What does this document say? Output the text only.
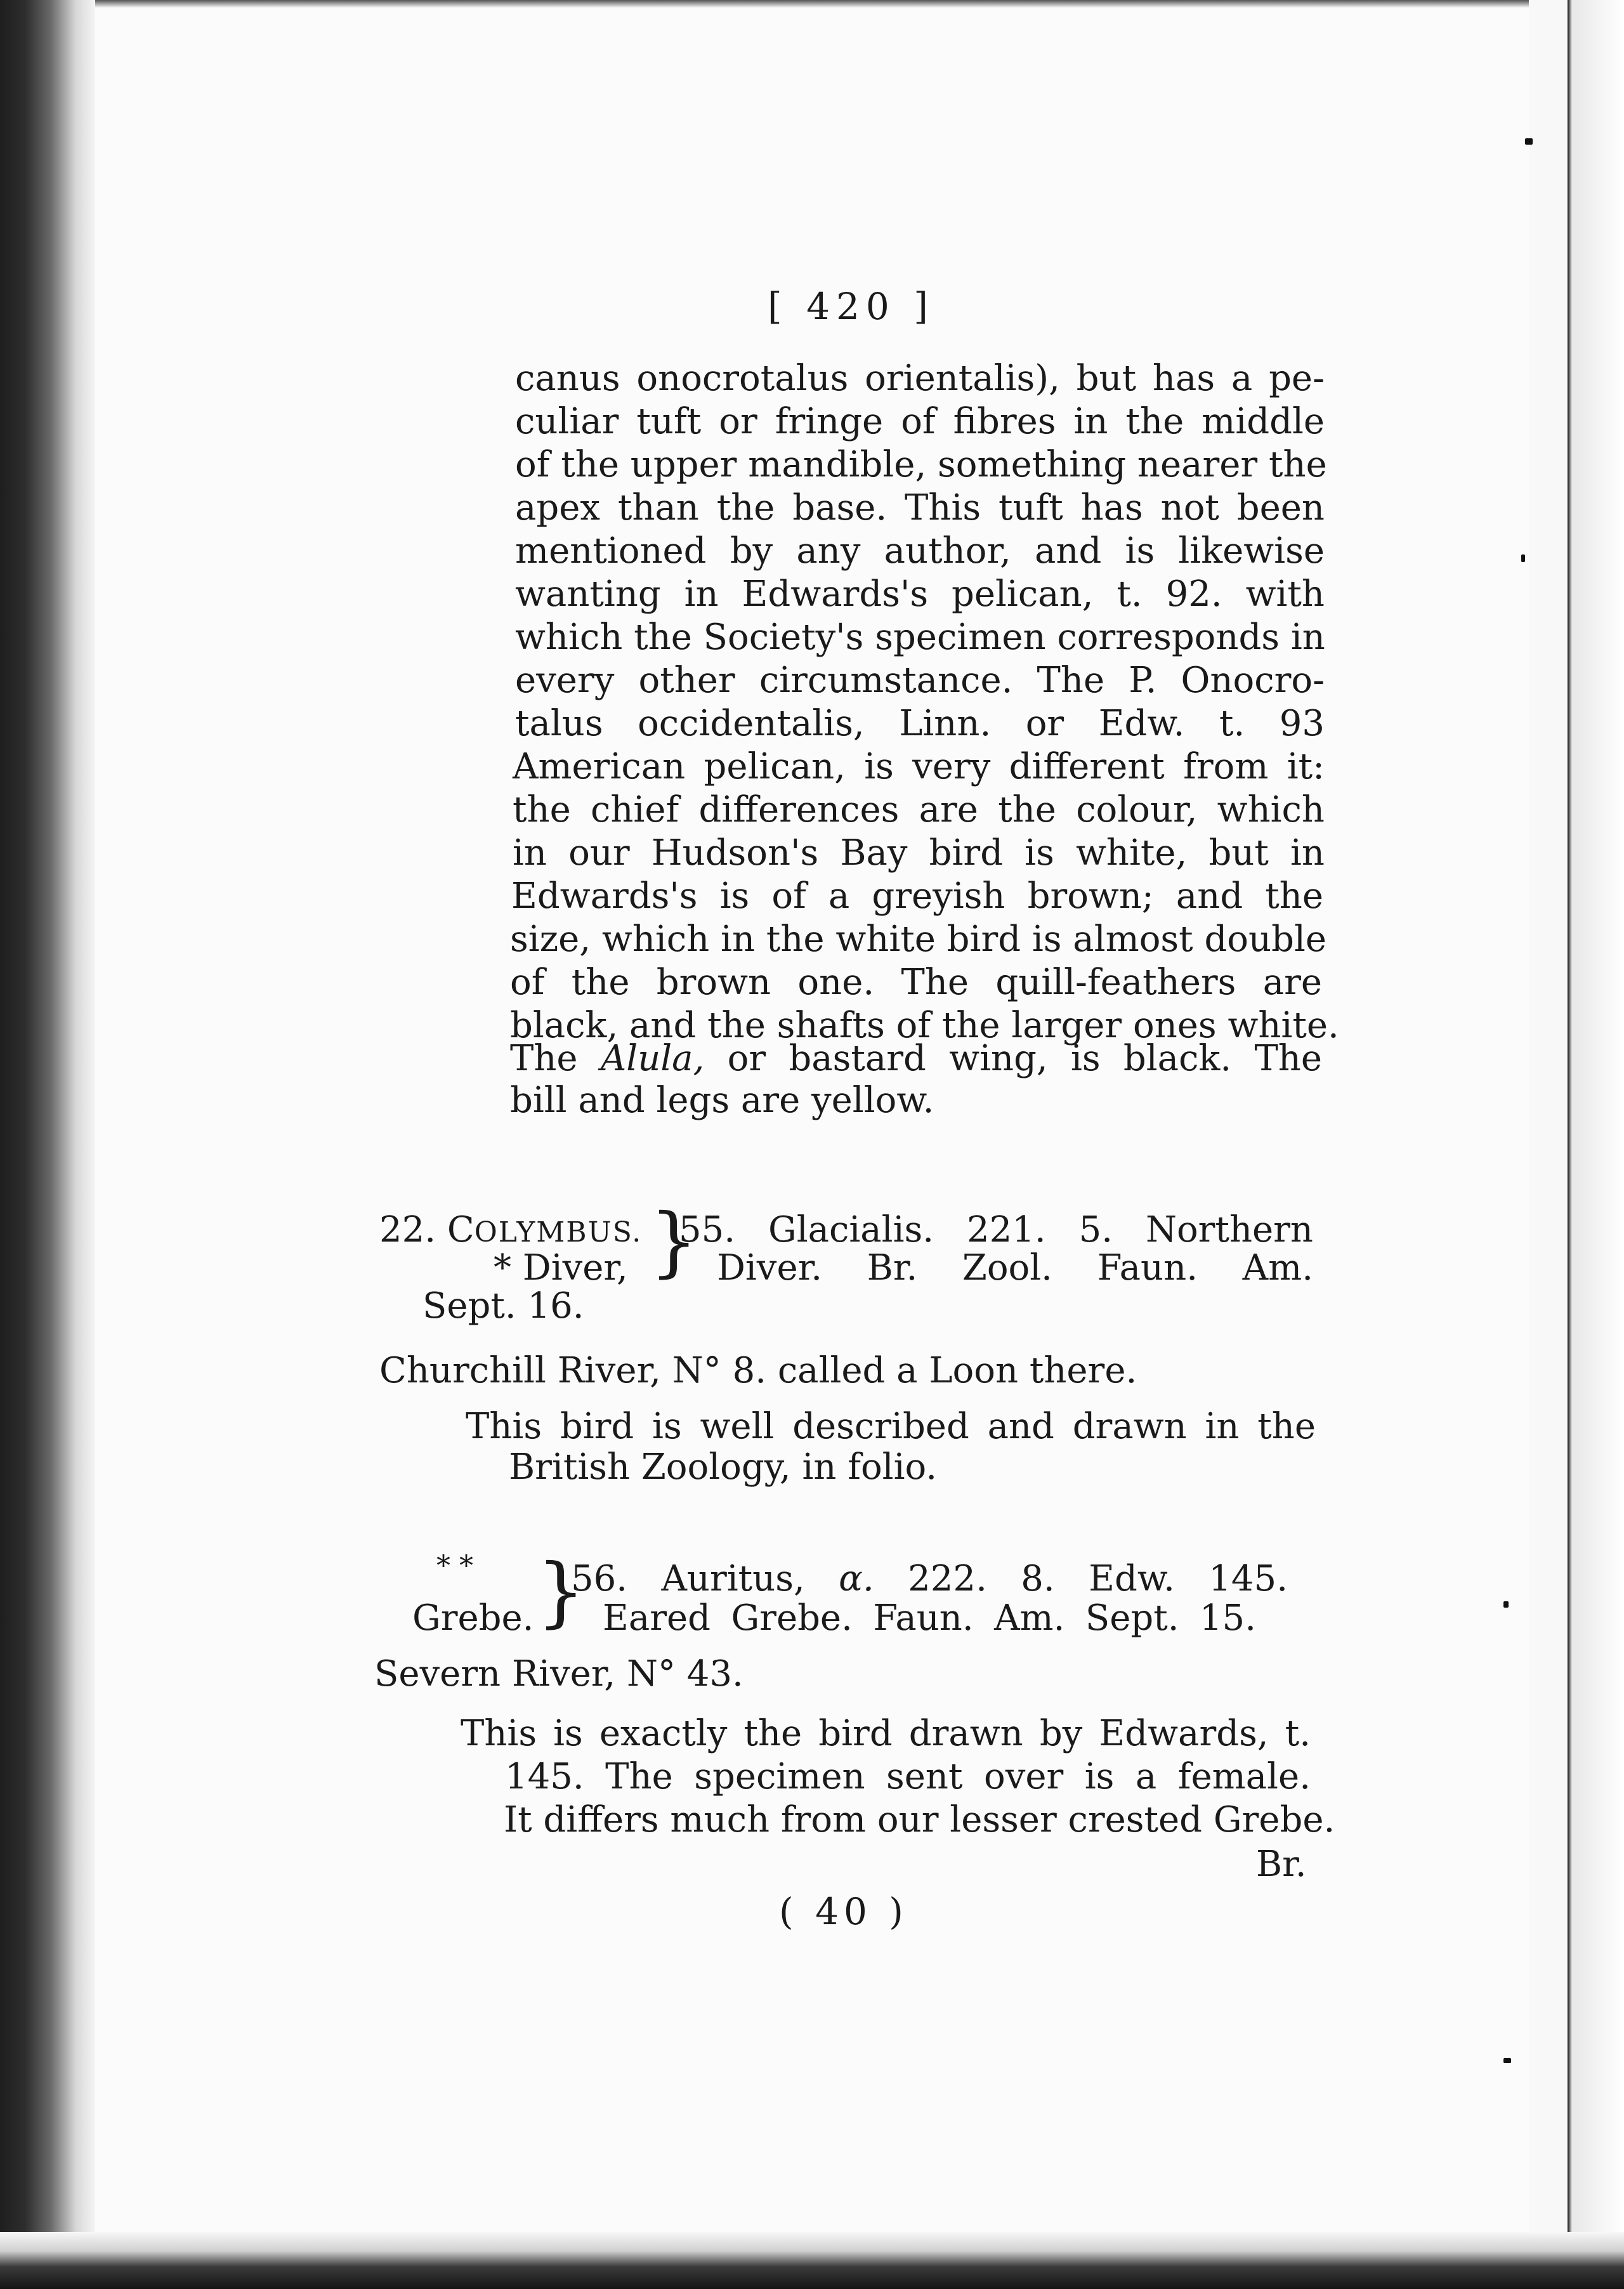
[ 420 ]
canus onocrotalus orientalis), but has a pe-
culiar tuft or fringe of fibres in the middle
of the upper mandible, something nearer the
apex than the base. This tuft has not been
mentioned by any author, and is likewise
wanting in Edwards's pelican, t. 92. with
which the Society's specimen corresponds in
every other circumstance. The P. Onocro-
talus occidentalis, Linn. or Edw. t. 93
American pelican, is very different from it:
the chief differences are the colour, which
in our Hudson's Bay bird is white, but in
Edwards's is of a greyish brown; and the
size, which in the white bird is almost double
of the brown one. The quill-feathers are
black, and the shafts of the larger ones white.
The Alula, or bastard wing, is black. The
bill and legs are yellow.
22. COLYMBUS.
* Diver, }
55. Glacialis. 221. 5. Northern
Diver. Br. Zool. Faun. Am.
Sept. 16.
Churchill River, N° 8. called a Loon there.
This bird is well described and drawn in the
British Zoology, in folio.
* *
Grebe. }
56. Auritus, α. 222. 8. Edw. 145.
Eared Grebe. Faun. Am. Sept. 15.
Severn River, N° 43.
This is exactly the bird drawn by Edwards, t.
145. The specimen sent over is a female.
It differs much from our lesser crested Grebe.
Br.
( 40 )
